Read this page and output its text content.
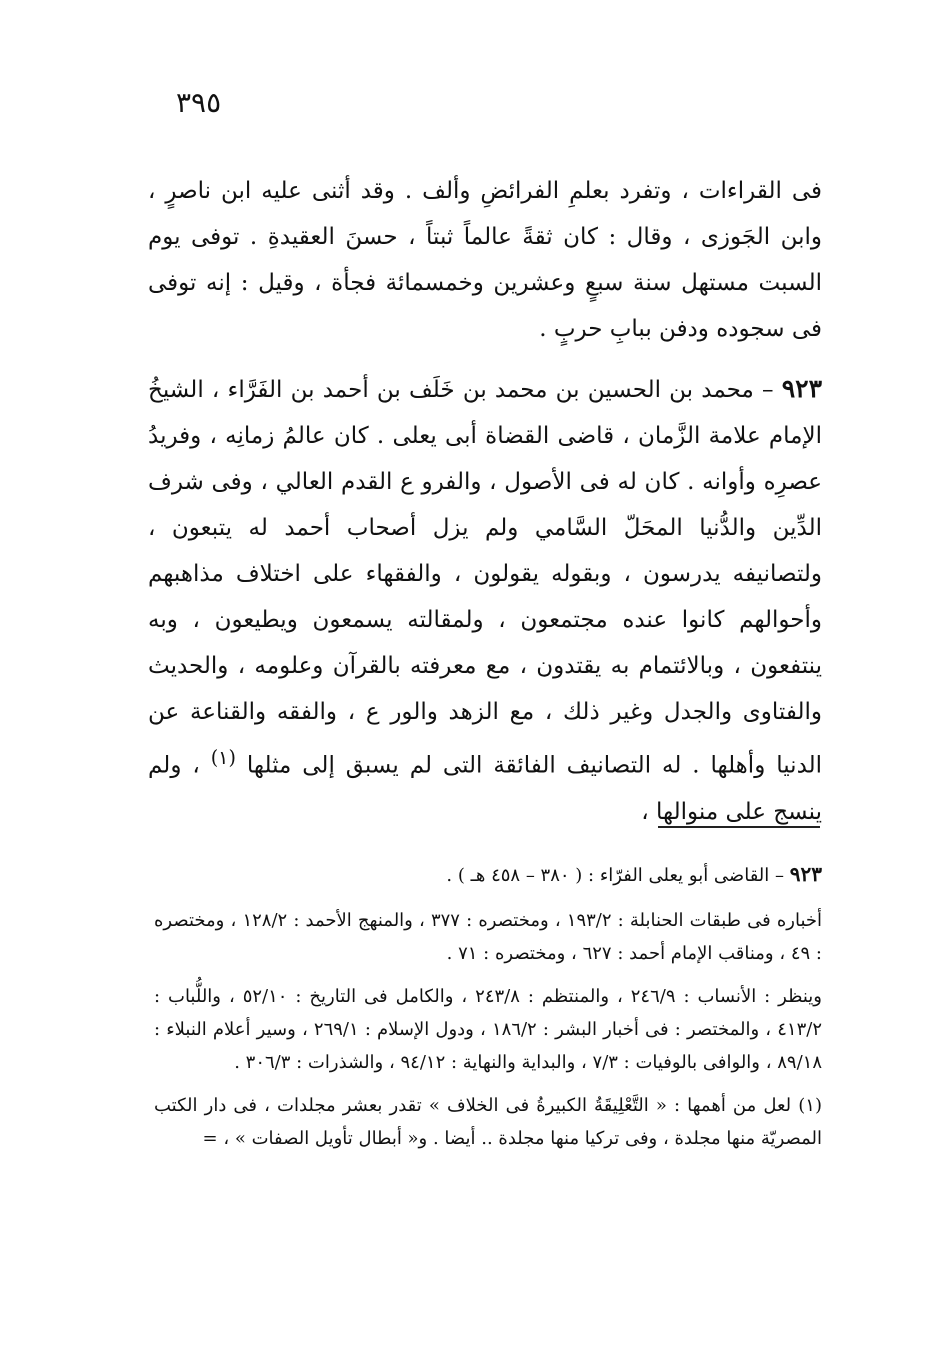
٣٩٥

فى القراءات ، وتفرد بعلمِ الفرائضِ وألف . وقد أثنى عليه ابن ناصرٍ ، وابن الجَوزى ، وقال : كان ثقةً عالماً ثبتاً ، حسنَ العقيدةِ . توفى يوم السبت مستهل سنة سبعٍ وعشرين وخمسمائة فجأة ، وقيل : إنه توفى فى سجوده ودفن ببابِ حربٍ .

٩٢٣ – محمد بن الحسين بن محمد بن خَلَف بن أحمد بن الفَرَّاء ، الشيخُ الإمام علامة الزَّمان ، قاضى القضاة أبى يعلى . كان عالمُ زمانِه ، وفريدُ عصرِه وأوانه . كان له فى الأصول ، والفرو ع القدم العالي ، وفى شرف الدِّين والدُّنيا المحَلّ السَّامي ولم يزل أصحاب أحمد له يتبعون ، ولتصانيفه يدرسون ، وبقوله يقولون ، والفقهاء على اختلاف مذاهبهم وأحوالهم كانوا عنده مجتمعون ، ولمقالته يسمعون ويطيعون ، وبه ينتفعون ، وبالائتمام به يقتدون ، مع معرفته بالقرآن وعلومه ، والحديث والفتاوى والجدل وغير ذلك ، مع الزهد والور ع ، والفقه والقناعة عن الدنيا وأهلها . له التصانيف الفائقة التى لم يسبق إلى مثلها $^{(١)}$ ، ولم ينسج على منوالها ،

٩٢٣ – القاضى أبو يعلى الفرّاء : ( ٣٨٠ – ٤٥٨ هـ ) .

أخباره فى طبقات الحنابلة : ١٩٣/٢ ، ومختصره : ٣٧٧ ، والمنهج الأحمد : ١٢٨/٢ ، ومختصره : ٤٩ ، ومناقب الإمام أحمد : ٦٢٧ ، ومختصره : ٧١ .

وينظر : الأنساب : ٢٤٦/٩ ، والمنتظم : ٢٤٣/٨ ، والكامل فى التاريخ : ٥٢/١٠ ، واللُّباب : ٤١٣/٢ ، والمختصر : فى أخبار البشر : ١٨٦/٢ ، ودول الإسلام : ٢٦٩/١ ، وسير أعلام النبلاء : ٨٩/١٨ ، والوافى بالوفيات : ٧/٣ ، والبداية والنهاية : ٩٤/١٢ ، والشذرات : ٣٠٦/٣ .

(١) لعل من أهمها : « التَّعْلِيقَةُ الكبيرةُ فى الخلاف » تقدر بعشر مجلدات ، فى دار الكتب المصريّة منها مجلدة ، وفى تركيا منها مجلدة .. أيضا . و« أبطال تأويل الصفات » ، =
